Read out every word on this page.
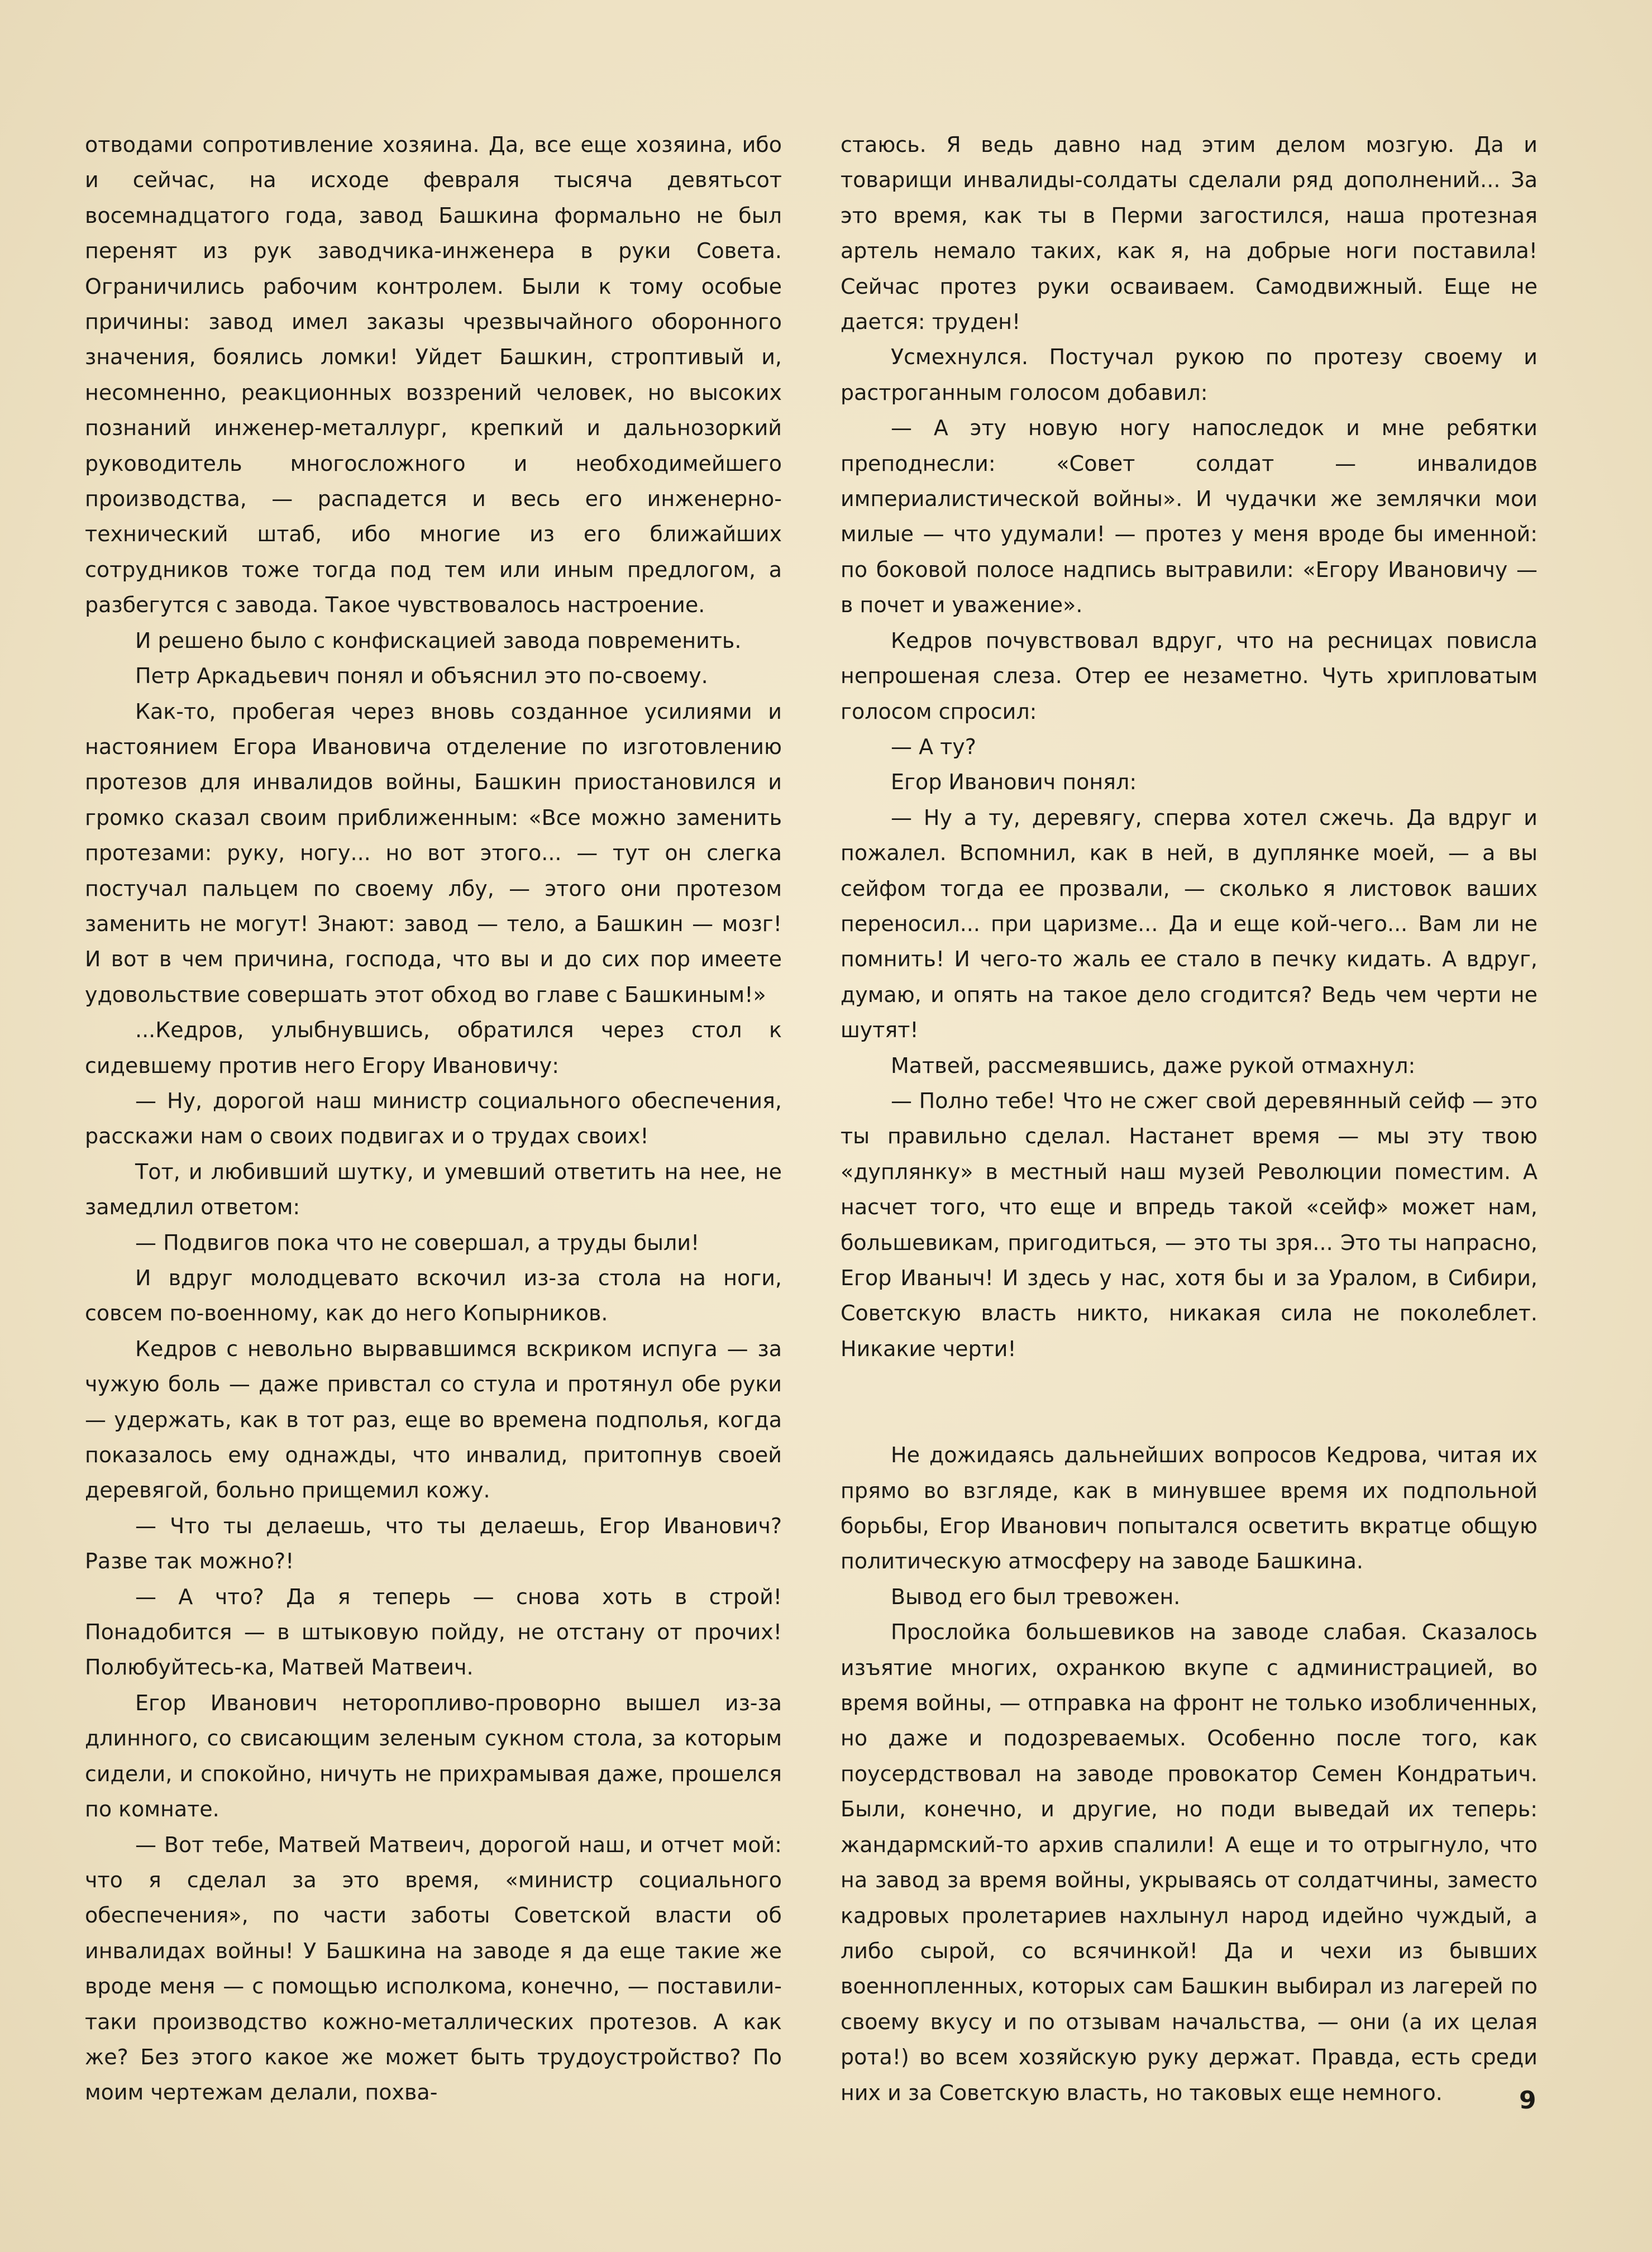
отводами сопротивление хозяина. Да, все еще хозяина, ибо и сейчас, на исходе февраля тысяча девятьсот восемнадцатого года, завод Башкина формально не был перенят из рук заводчика-инженера в руки Совета. Ограничились рабочим контролем. Были к тому особые причины: завод имел заказы чрезвычайного оборонного значения, боялись ломки! Уйдет Башкин, строптивый и, несомненно, реакционных воззрений человек, но высоких познаний инженер-металлург, крепкий и дальнозоркий руководитель многосложного и необходимейшего производства, — распадется и весь его инженерно-технический штаб, ибо многие из его ближайших сотрудников тоже тогда под тем или иным предлогом, а разбегутся с завода. Такое чувствовалось настроение.

И решено было с конфискацией завода повременить.

Петр Аркадьевич понял и объяснил это по-своему.

Как-то, пробегая через вновь созданное усилиями и настоянием Егора Ивановича отделение по изготовлению протезов для инвалидов войны, Башкин приостановился и громко сказал своим приближенным: «Все можно заменить протезами: руку, ногу... но вот этого... — тут он слегка постучал пальцем по своему лбу, — этого они протезом заменить не могут! Знают: завод — тело, а Башкин — мозг! И вот в чем причина, господа, что вы и до сих пор имеете удовольствие совершать этот обход во главе с Башкиным!»

...Кедров, улыбнувшись, обратился через стол к сидевшему против него Егору Ивановичу:

— Ну, дорогой наш министр социального обеспечения, расскажи нам о своих подвигах и о трудах своих!

Тот, и любивший шутку, и умевший ответить на нее, не замедлил ответом:

— Подвигов пока что не совершал, а труды были!

И вдруг молодцевато вскочил из-за стола на ноги, совсем по-военному, как до него Копырников.

Кедров с невольно вырвавшимся вскриком испуга — за чужую боль — даже привстал со стула и протянул обе руки — удержать, как в тот раз, еще во времена подполья, когда показалось ему однажды, что инвалид, притопнув своей деревягой, больно прищемил кожу.

— Что ты делаешь, что ты делаешь, Егор Иванович? Разве так можно?!

— А что? Да я теперь — снова хоть в строй! Понадобится — в штыковую пойду, не отстану от прочих! Полюбуйтесь-ка, Матвей Матвеич.

Егор Иванович неторопливо-проворно вышел из-за длинного, со свисающим зеленым сукном стола, за которым сидели, и спокойно, ничуть не прихрамывая даже, прошелся по комнате.

— Вот тебе, Матвей Матвеич, дорогой наш, и отчет мой: что я сделал за это время, «министр социального обеспечения», по части заботы Советской власти об инвалидах войны! У Башкина на заводе я да еще такие же вроде меня — с помощью исполкома, конечно, — поставили-таки производство кожно-металлических протезов. А как же? Без этого какое же может быть трудоустройство? По моим чертежам делали, похва-

стаюсь. Я ведь давно над этим делом мозгую. Да и товарищи инвалиды-солдаты сделали ряд дополнений... За это время, как ты в Перми загостился, наша протезная артель немало таких, как я, на добрые ноги поставила! Сейчас протез руки осваиваем. Самодвижный. Еще не дается: труден!

Усмехнулся. Постучал рукою по протезу своему и растроганным голосом добавил:

— А эту новую ногу напоследок и мне ребятки преподнесли: «Совет солдат — инвалидов империалистической войны». И чудачки же землячки мои милые — что удумали! — протез у меня вроде бы именной: по боковой полосе надпись вытравили: «Егору Ивановичу — в почет и уважение».

Кедров почувствовал вдруг, что на ресницах повисла непрошеная слеза. Отер ее незаметно. Чуть хрипловатым голосом спросил:

— А ту?

Егор Иванович понял:

— Ну а ту, деревягу, сперва хотел сжечь. Да вдруг и пожалел. Вспомнил, как в ней, в дуплянке моей, — а вы сейфом тогда ее прозвали, — сколько я листовок ваших переносил... при царизме... Да и еще кой-чего... Вам ли не помнить! И чего-то жаль ее стало в печку кидать. А вдруг, думаю, и опять на такое дело сгодится? Ведь чем черти не шутят!

Матвей, рассмеявшись, даже рукой отмахнул:

— Полно тебе! Что не сжег свой деревянный сейф — это ты правильно сделал. Настанет время — мы эту твою «дуплянку» в местный наш музей Революции поместим. А насчет того, что еще и впредь такой «сейф» может нам, большевикам, пригодиться, — это ты зря... Это ты напрасно, Егор Иваныч! И здесь у нас, хотя бы и за Уралом, в Сибири, Советскую власть никто, никакая сила не поколеблет. Никакие черти!

Не дожидаясь дальнейших вопросов Кедрова, читая их прямо во взгляде, как в минувшее время их подпольной борьбы, Егор Иванович попытался осветить вкратце общую политическую атмосферу на заводе Башкина.

Вывод его был тревожен.

Прослойка большевиков на заводе слабая. Сказалось изъятие многих, охранкою вкупе с администрацией, во время войны, — отправка на фронт не только изобличенных, но даже и подозреваемых. Особенно после того, как поусердствовал на заводе провокатор Семен Кондратьич. Были, конечно, и другие, но поди выведай их теперь: жандармский-то архив спалили! А еще и то отрыгнуло, что на завод за время войны, укрываясь от солдатчины, заместо кадровых пролетариев нахлынул народ идейно чуждый, а либо сырой, со всячинкой! Да и чехи из бывших военнопленных, которых сам Башкин выбирал из лагерей по своему вкусу и по отзывам начальства, — они (а их целая рота!) во всем хозяйскую руку держат. Правда, есть среди них и за Советскую власть, но таковых еще немного.	9
